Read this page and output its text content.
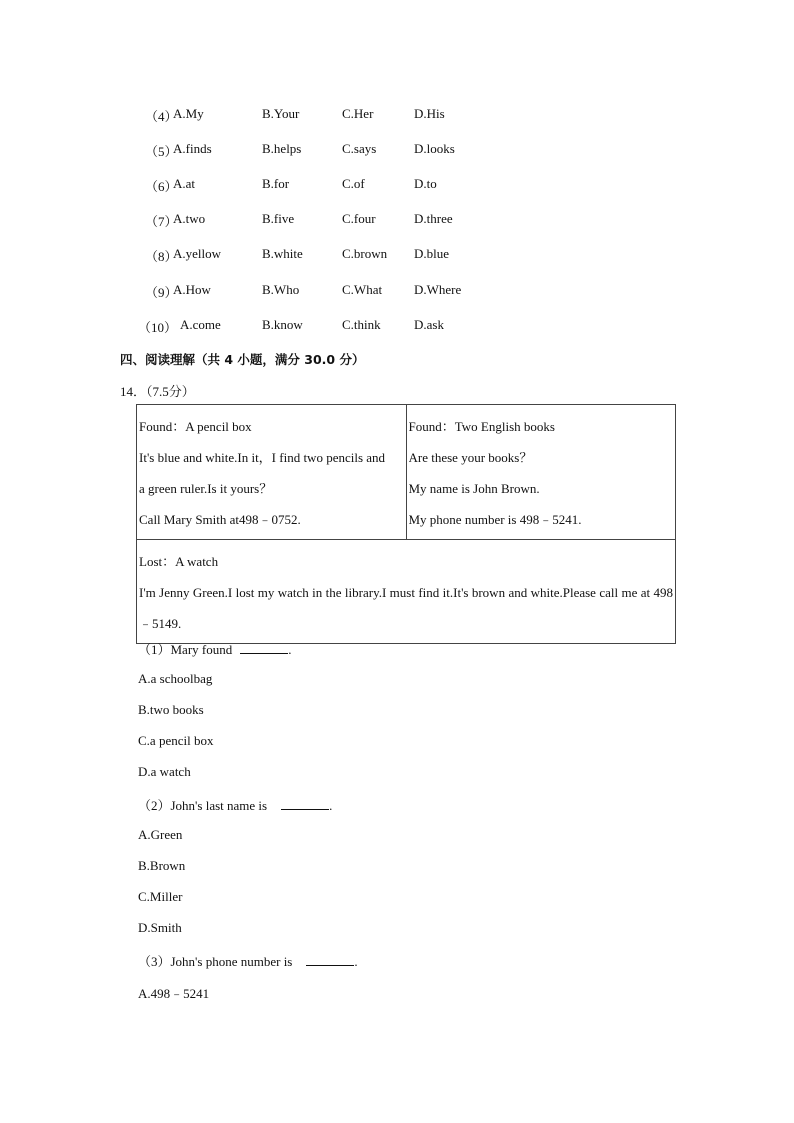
（4）
A.My	B.Your	C.Her	D.His
（5）
A.finds	B.helps	C.says	D.looks
（6）
A.at	B.for	C.of	D.to
（7）
A.two	B.five	C.four	D.three
（8）
A.yellow	B.white	C.brown D.blue
（9）
A.How	B.Who	C.What D.Where
（10） A.come	B.know	C.think	D.ask
四、阅读理解（共 4 小题，满分 30.0 分）
14．（7.5分）
Found：A pencil box
It's blue and white.In it，I find two pencils and
a green ruler.Is it yours？
Call Mary Smith at498﹣0752.

Found：Two English books
Are these your books？
My name is John Brown.
My phone number is 498﹣5241.

Lost：A watch
I'm Jenny Green.I lost my watch in the library.I must find it.It's brown and white.Please call me at 498﹣5149.
（1）Mary found	.
A.a schoolbag
B.two books
C.a pencil box
D.a watch
（2）John's last name is	.
A.Green
B.Brown
C.Miller
D.Smith
（3）John's phone number is	.
A.498﹣5241
